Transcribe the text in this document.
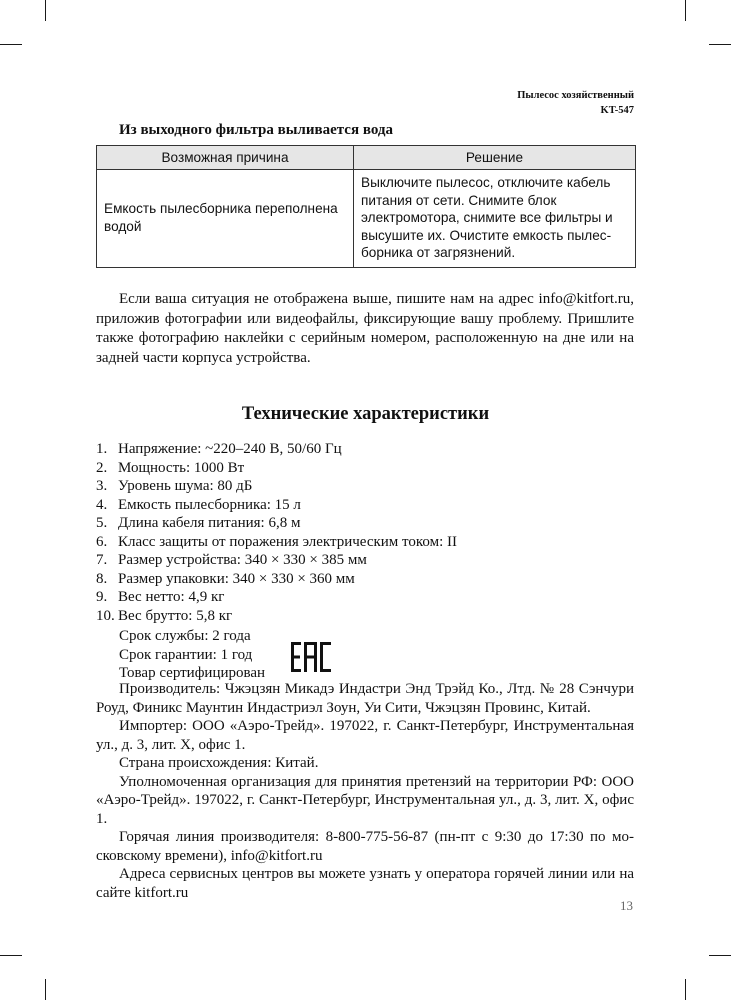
Пылесос хозяйственный
KT-547
Из выходного фильтра выливается вода
Возможная причина	Решение
Емкость пылесборника переполнена водой	Выключите пылесос, отключите кабель питания от сети. Снимите блок электромотора, снимите все фильтры и высушите их. Очистите емкость пылесборника от загрязнений.
Если ваша ситуация не отображена выше, пишите нам на адрес info@kitfort.ru, приложив фотографии или видеофайлы, фиксирующие вашу проблему. Пришлите также фотографию наклейки с серийным номером, расположенную на дне или на задней части корпуса устройства.
Технические характеристики
1. Напряжение: ~220–240 В, 50/60 Гц
2. Мощность: 1000 Вт
3. Уровень шума: 80 дБ
4. Емкость пылесборника: 15 л
5. Длина кабеля питания: 6,8 м
6. Класс защиты от поражения электрическим током: II
7. Размер устройства: 340 × 330 × 385 мм
8. Размер упаковки: 340 × 330 × 360 мм
9. Вес нетто: 4,9 кг
10. Вес брутто: 5,8 кг
Срок службы: 2 года
Срок гарантии: 1 год
Товар сертифицирован

Производитель: Чжэцзян Микадэ Индастри Энд Трэйд Ко., Лтд. № 28 Сэнчури Роуд, Финикс Маунтин Индастриэл Зоун, Уи Сити, Чжэцзян Провинс, Китай.

Импортер: ООО «Аэро-Трейд». 197022, г. Санкт-Петербург, Инструментальная ул., д. 3, лит. X, офис 1.

Страна происхождения: Китай.

Уполномоченная организация для принятия претензий на территории РФ: ООО «Аэро-Трейд». 197022, г. Санкт-Петербург, Инструментальная ул., д. 3, лит. X, офис 1.

Горячая линия производителя: 8-800-775-56-87 (пн-пт с 9:30 до 17:30 по московскому времени), info@kitfort.ru

Адреса сервисных центров вы можете узнать у оператора горячей линии или на сайте kitfort.ru

13
